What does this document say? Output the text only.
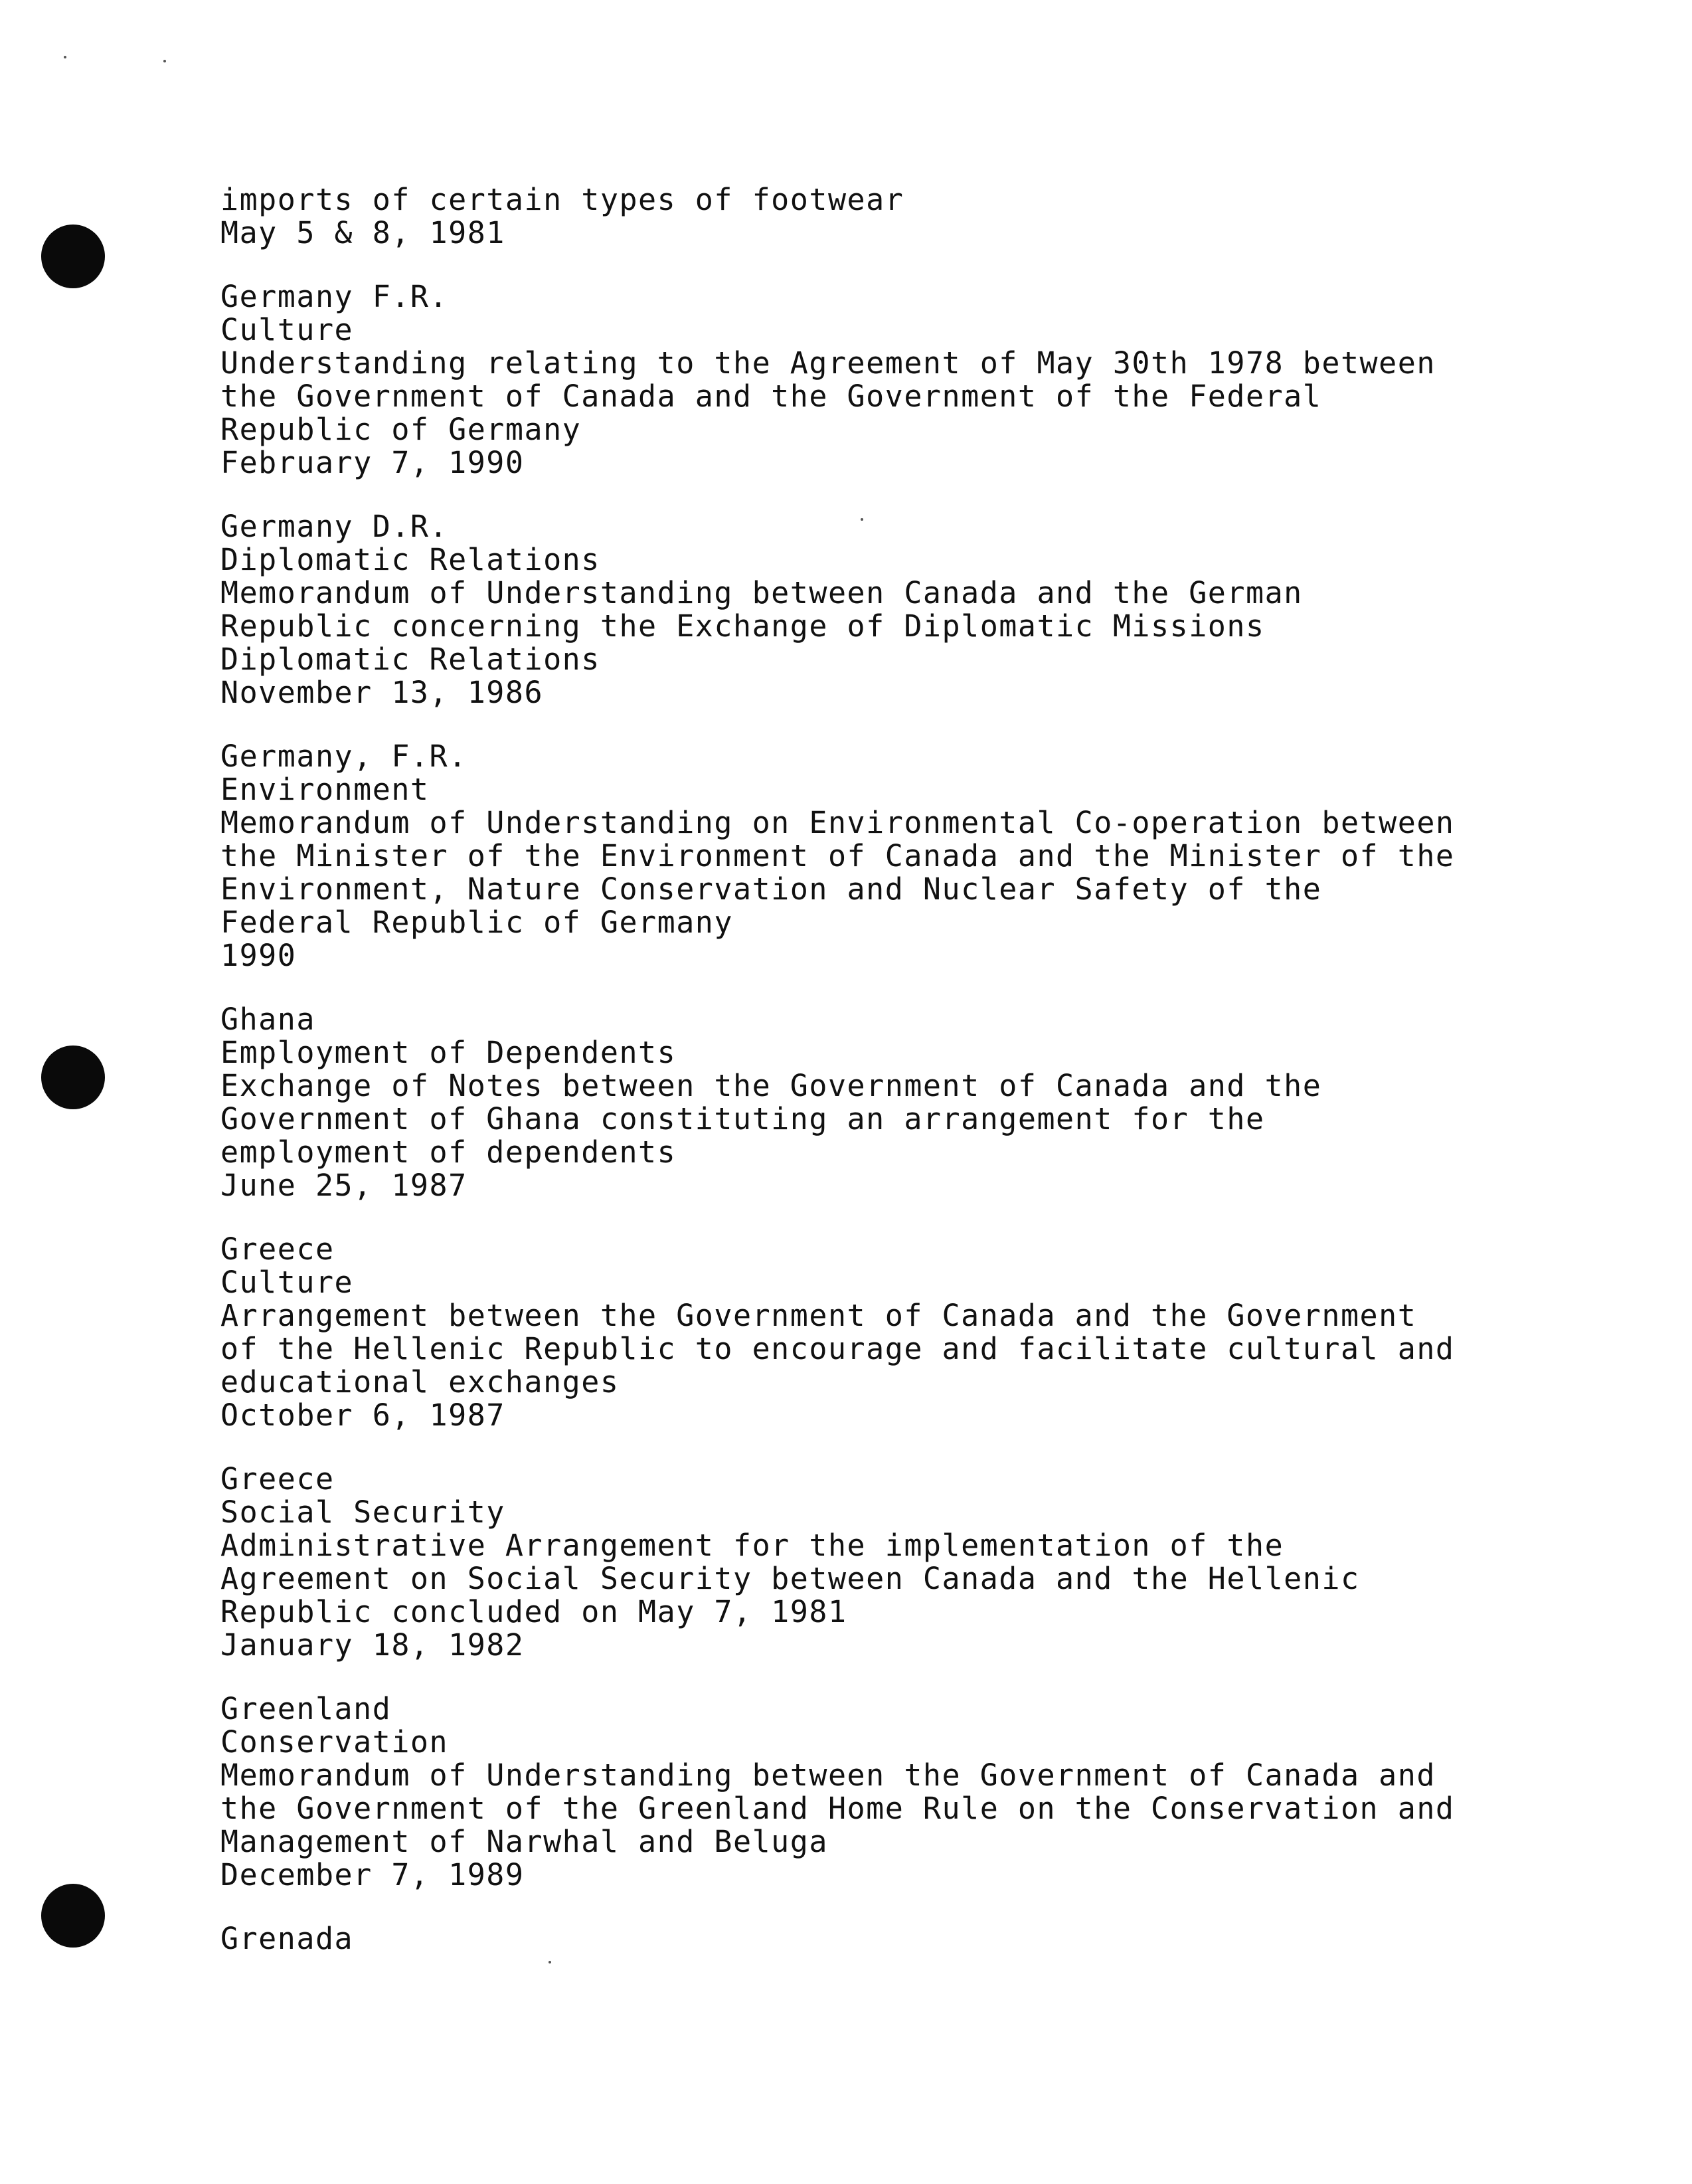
imports of certain types of footwear
May 5 & 8, 1981
Germany F.R.
Culture
Understanding relating to the Agreement of May 30th 1978 between
the Government of Canada and the Government of the Federal
Republic of Germany
February 7, 1990
Germany D.R.
Diplomatic Relations
Memorandum of Understanding between Canada and the German
Republic concerning the Exchange of Diplomatic Missions
Diplomatic Relations
November 13, 1986
Germany, F.R.
Environment
Memorandum of Understanding on Environmental Co-operation between
the Minister of the Environment of Canada and the Minister of the
Environment, Nature Conservation and Nuclear Safety of the
Federal Republic of Germany
1990
Ghana
Employment of Dependents
Exchange of Notes between the Government of Canada and the
Government of Ghana constituting an arrangement for the
employment of dependents
June 25, 1987
Greece
Culture
Arrangement between the Government of Canada and the Government
of the Hellenic Republic to encourage and facilitate cultural and
educational exchanges
October 6, 1987
Greece
Social Security
Administrative Arrangement for the implementation of the
Agreement on Social Security between Canada and the Hellenic
Republic concluded on May 7, 1981
January 18, 1982
Greenland
Conservation
Memorandum of Understanding between the Government of Canada and
the Government of the Greenland Home Rule on the Conservation and
Management of Narwhal and Beluga
December 7, 1989
Grenada
